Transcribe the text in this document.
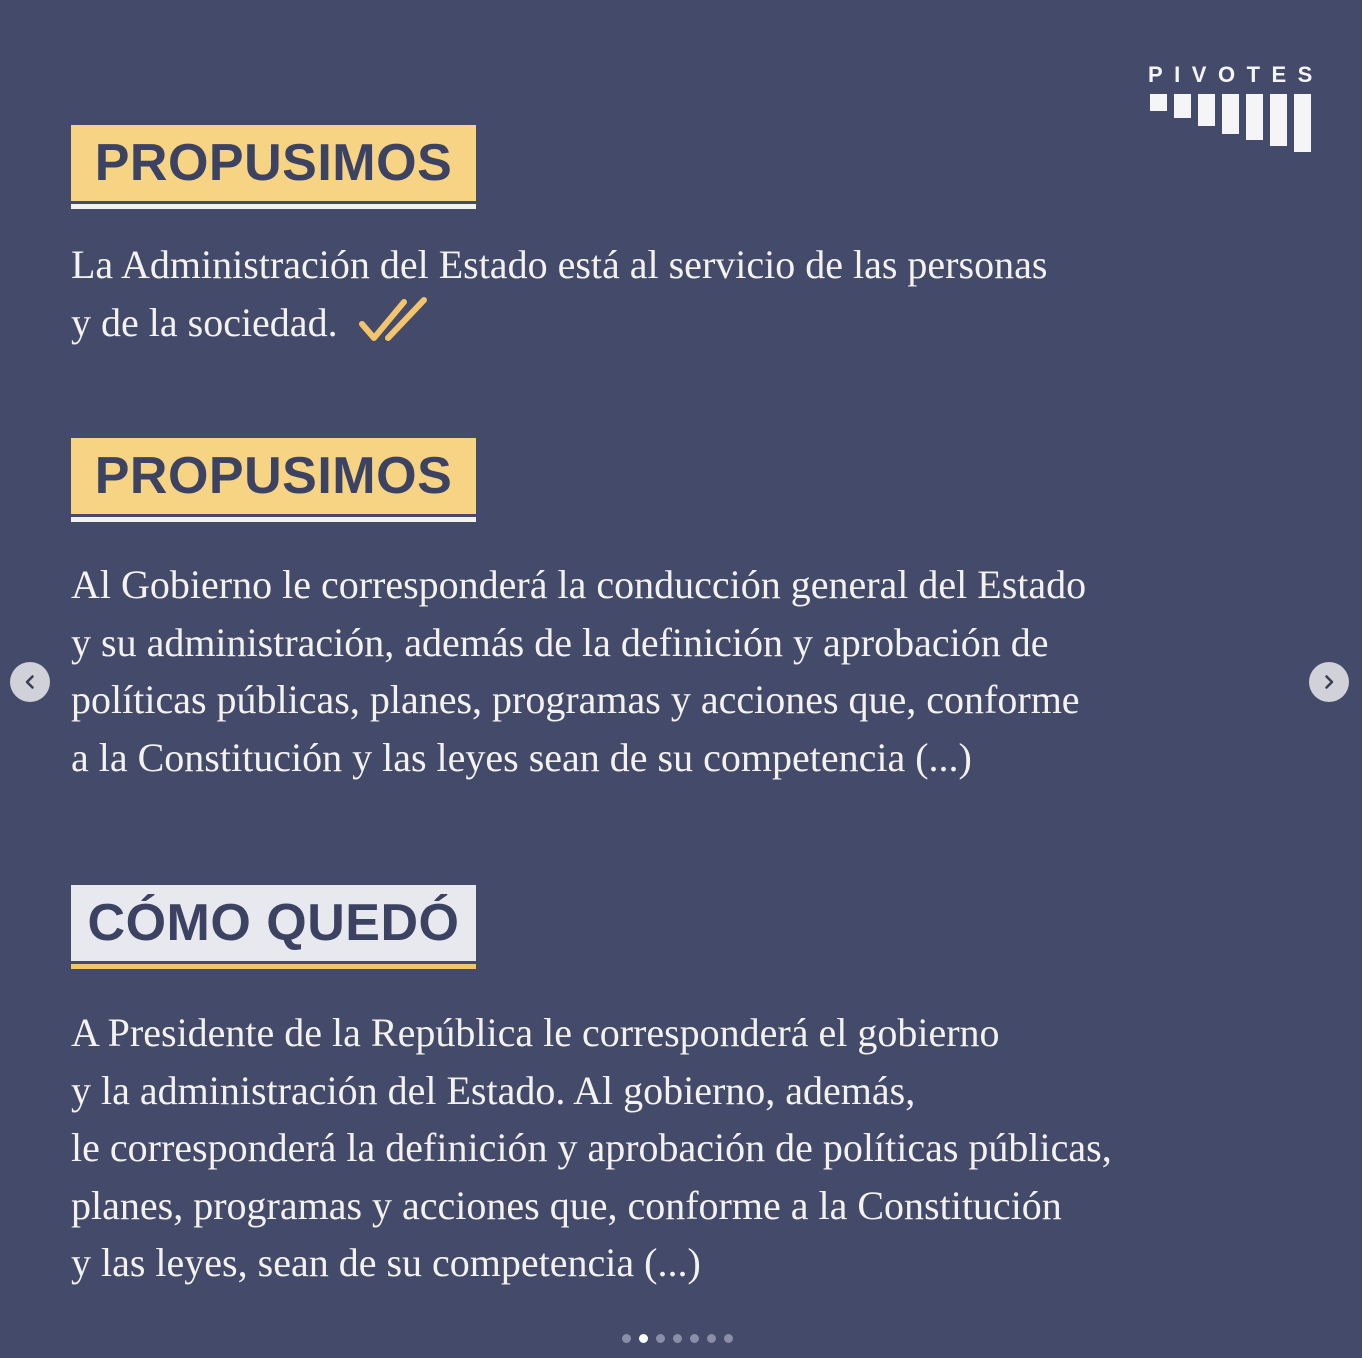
PIVOTES
PROPUSIMOS
La Administración del Estado está al servicio de las personas
y de la sociedad.
PROPUSIMOS
Al Gobierno le corresponderá la conducción general del Estado
y su administración, además de la definición y aprobación de
políticas públicas, planes, programas y acciones que, conforme
a la Constitución y las leyes sean de su competencia (...)
CÓMO QUEDÓ
A Presidente de la República le corresponderá el gobierno
y la administración del Estado. Al gobierno, además,
le corresponderá la definición y aprobación de políticas públicas,
planes, programas y acciones que, conforme a la Constitución
y las leyes, sean de su competencia (...)
